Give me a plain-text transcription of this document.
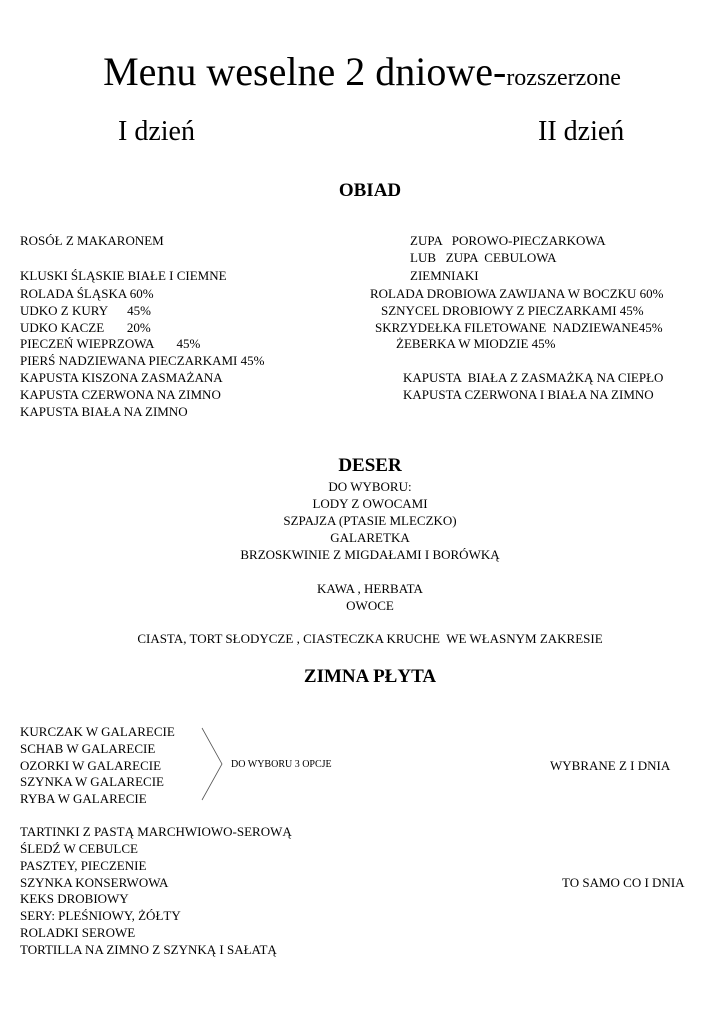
Menu weselne 2 dniowe-rozszerzone
I dzień	II dzień
OBIAD
ROSÓŁ Z MAKARONEM
KLUSKI ŚLĄSKIE BIAŁE I CIEMNE
ROLADA ŚLĄSKA 60%
UDKO Z KURY      45%
UDKO KACZE       20%
PIECZEŃ WIEPRZOWA       45%
PIERŚ NADZIEWANA PIECZARKAMI 45%
KAPUSTA KISZONA ZASMAŻANA
KAPUSTA CZERWONA NA ZIMNO
KAPUSTA BIAŁA NA ZIMNO
ZUPA   POROWO-PIECZARKOWA
LUB   ZUPA  CEBULOWA
ZIEMNIAKI
ROLADA DROBIOWA ZAWIJANA W BOCZKU 60%
SZNYCEL DROBIOWY Z PIECZARKAMI 45%
SKRZYDEŁKA FILETOWANE  NADZIEWANE45%
ŻEBERKA W MIODZIE 45%
KAPUSTA  BIAŁA Z ZASMAŻKĄ NA CIEPŁO
KAPUSTA CZERWONA I BIAŁA NA ZIMNO
DESER
DO WYBORU:
LODY Z OWOCAMI
SZPAJZA (PTASIE MLECZKO)
GALARETKA
BRZOSKWINIE Z MIGDAŁAMI I BORÓWKĄ
KAWA , HERBATA
OWOCE
CIASTA, TORT SŁODYCZE , CIASTECZKA KRUCHE  WE WŁASNYM ZAKRESIE
ZIMNA PŁYTA
KURCZAK W GALARECIE
SCHAB W GALARECIE
OZORKI W GALARECIE
SZYNKA W GALARECIE
RYBA W GALARECIE
DO WYBORU 3 OPCJE	WYBRANE Z I DNIA
TARTINKI Z PASTĄ MARCHWIOWO-SEROWĄ
ŚLEDŹ W CEBULCE
PASZTEY, PIECZENIE
SZYNKA KONSERWOWA
KEKS DROBIOWY
SERY: PLEŚNIOWY, ŻÓŁTY
ROLADKI SEROWE
TORTILLA NA ZIMNO Z SZYNKĄ I SAŁATĄ
TO SAMO CO I DNIA
